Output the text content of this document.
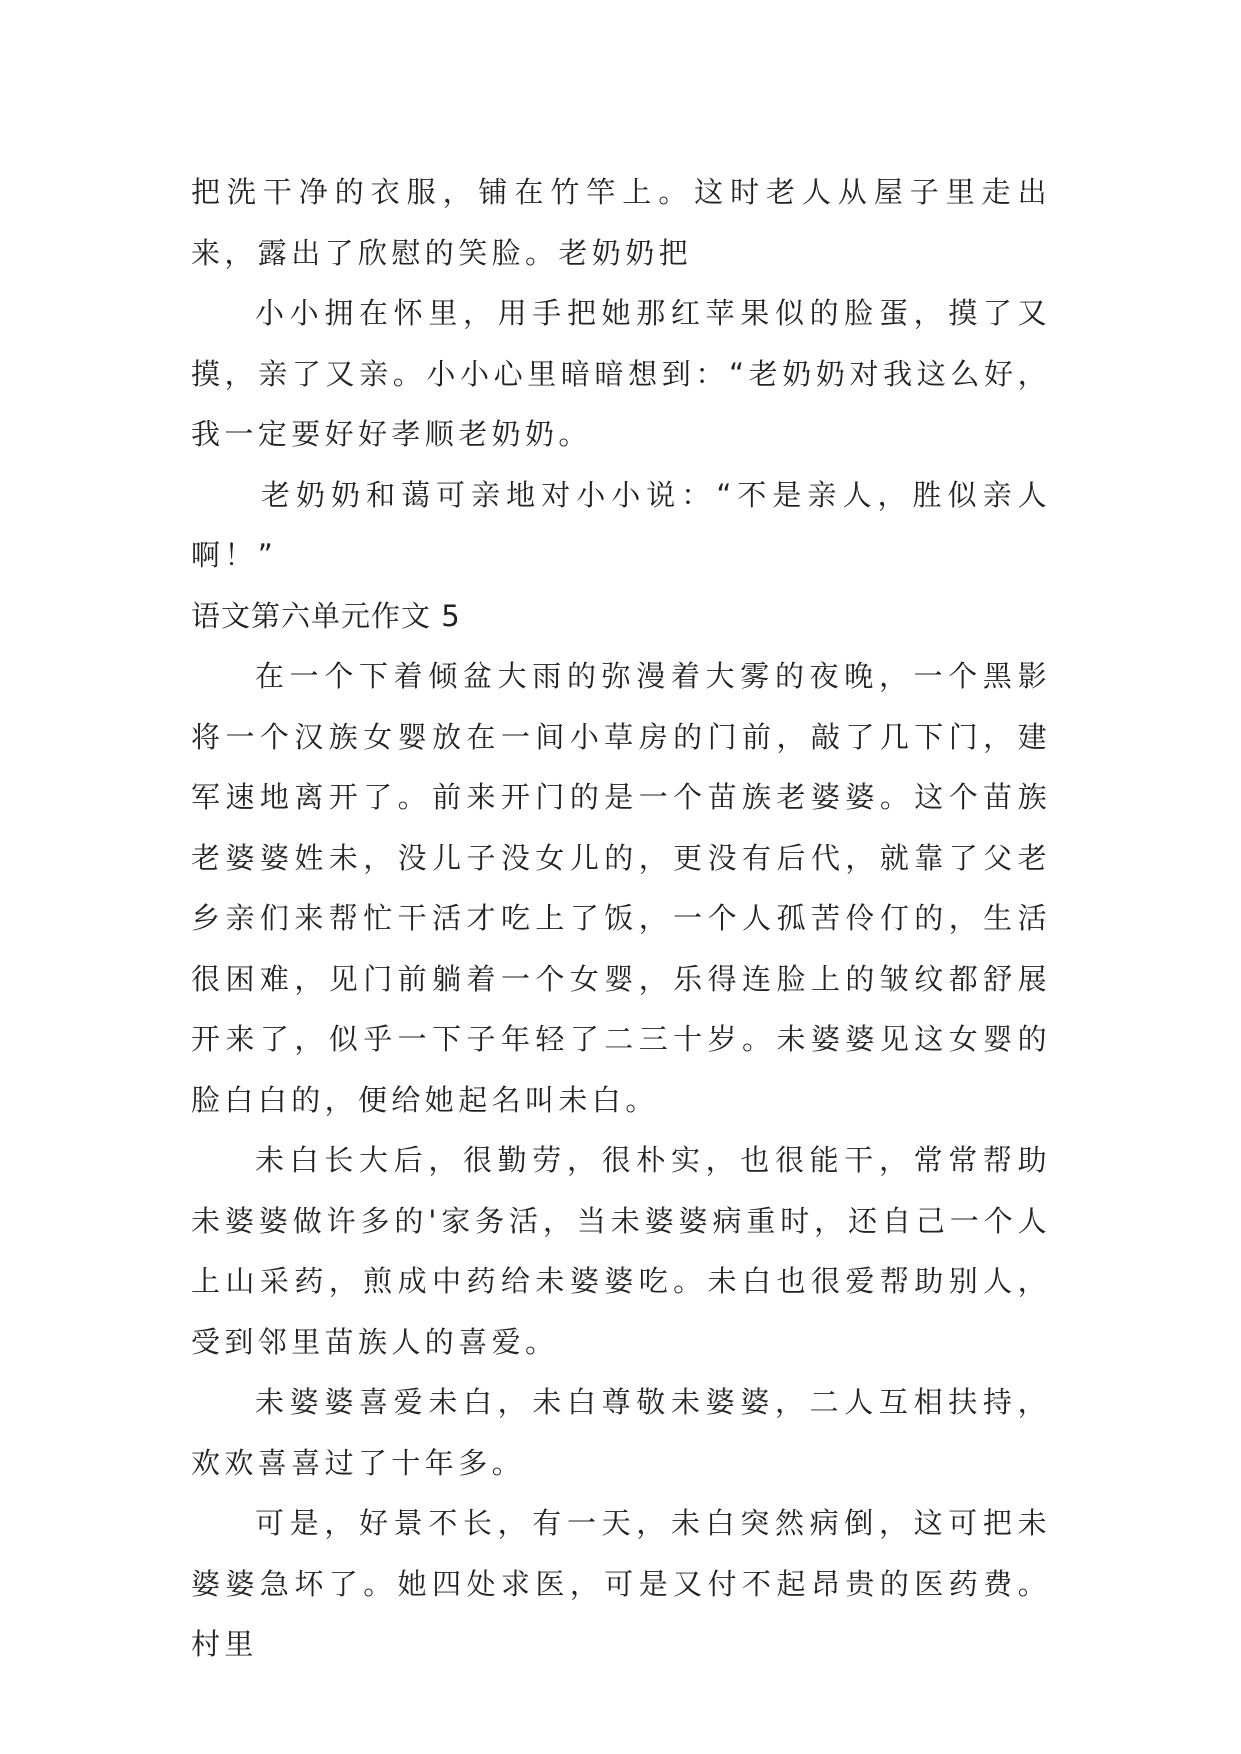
把洗干净的衣服，铺在竹竿上。这时老人从屋子里走出来，露出了欣慰的笑脸。老奶奶把

小小拥在怀里，用手把她那红苹果似的脸蛋，摸了又摸，亲了又亲。小小心里暗暗想到：“老奶奶对我这么好，我一定要好好孝顺老奶奶。

老奶奶和蔼可亲地对小小说：“不是亲人，胜似亲人啊！”

语文第六单元作文 5

在一个下着倾盆大雨的弥漫着大雾的夜晚，一个黑影将一个汉族女婴放在一间小草房的门前，敲了几下门，建军速地离开了。前来开门的是一个苗族老婆婆。这个苗族老婆婆姓未，没儿子没女儿的，更没有后代，就靠了父老乡亲们来帮忙干活才吃上了饭，一个人孤苦伶仃的，生活很困难，见门前躺着一个女婴，乐得连脸上的皱纹都舒展开来了，似乎一下子年轻了二三十岁。未婆婆见这女婴的脸白白的，便给她起名叫未白。

未白长大后，很勤劳，很朴实，也很能干，常常帮助未婆婆做许多的'家务活，当未婆婆病重时，还自己一个人上山采药，煎成中药给未婆婆吃。未白也很爱帮助别人，受到邻里苗族人的喜爱。

未婆婆喜爱未白，未白尊敬未婆婆，二人互相扶持，欢欢喜喜过了十年多。

可是，好景不长，有一天，未白突然病倒，这可把未婆婆急坏了。她四处求医，可是又付不起昂贵的医药费。村里
